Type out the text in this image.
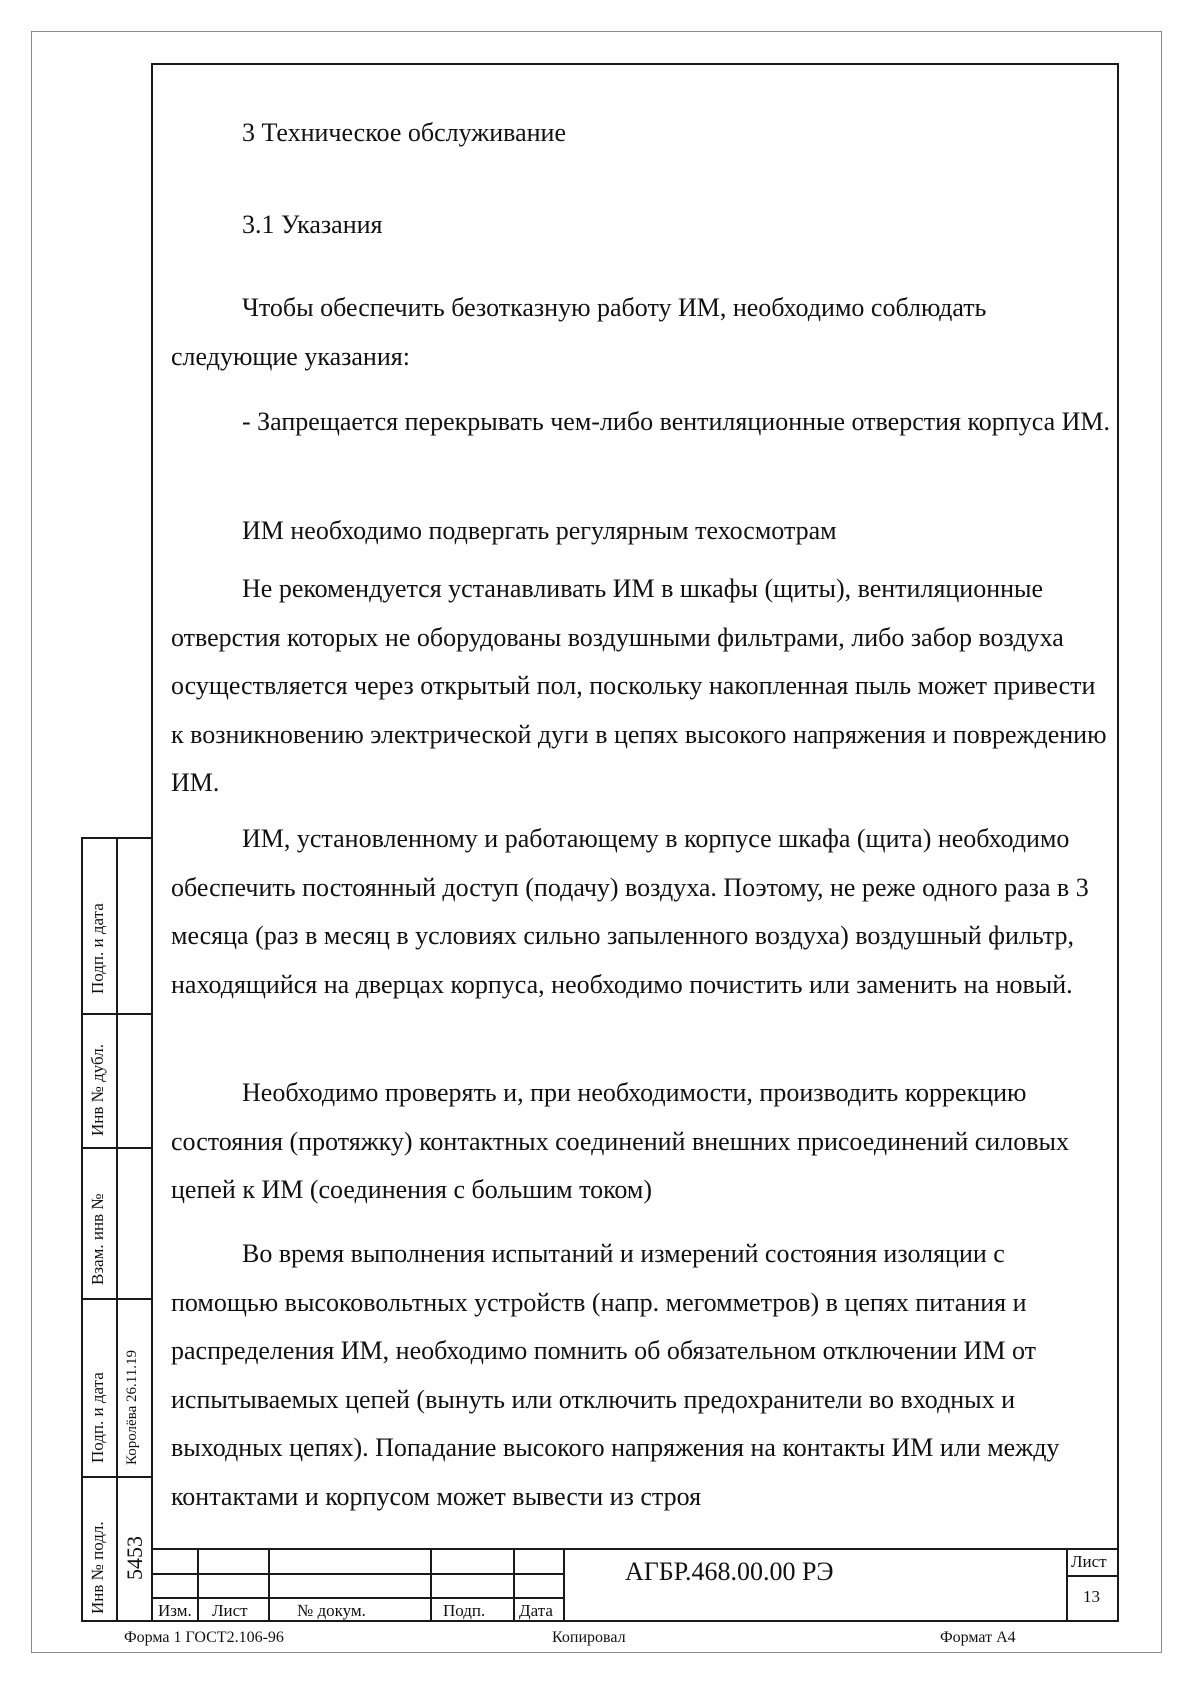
3 Техническое обслуживание
3.1 Указания

Чтобы обеспечить безотказную работу ИМ, необходимо соблюдать следующие указания:

- Запрещается перекрывать чем-либо вентиляционные отверстия корпуса ИМ.

ИМ необходимо подвергать регулярным техосмотрам

Не рекомендуется устанавливать ИМ в шкафы (щиты), вентиляционные отверстия которых не оборудованы воздушными фильтрами, либо забор воздуха осуществляется через открытый пол, поскольку накопленная пыль может привести к возникновению электрической дуги в цепях высокого напряжения и повреждению ИМ.

ИМ, установленному и работающему в корпусе шкафа (щита) необходимо обеспечить постоянный доступ (подачу) воздуха. Поэтому, не реже одного раза в 3 месяца (раз в месяц в условиях сильно запыленного воздуха) воздушный фильтр, находящийся на дверцах корпуса, необходимо почистить или заменить на новый.

Необходимо проверять и, при необходимости, производить коррекцию состояния (протяжку) контактных соединений внешних присоединений силовых цепей к ИМ (соединения с большим током)

Во время выполнения испытаний и измерений состояния изоляции с помощью высоковольтных устройств (напр. мегомметров) в цепях питания и распределения ИМ, необходимо помнить об обязательном отключении ИМ от испытываемых цепей (вынуть или отключить предохранители во входных и выходных цепях). Попадание высокого напряжения на контакты ИМ или между контактами и корпусом может вывести из строя

Подп. и дата
Инв № дубл.
Взам. инв №
Подп. и дата
Инв № подл.
Королёва 26.11.19
5453
Изм. Лист	№ докум.	Подп. Дата
АГБР.468.00.00 РЭ	Лист
13
Форма 1 ГОСТ2.106-96	Копировал	Формат А4
